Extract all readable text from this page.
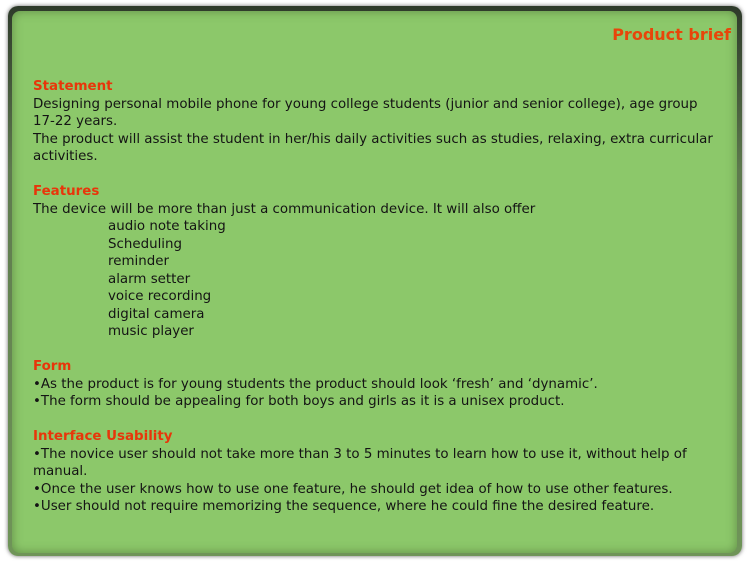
Product brief

Statement

Designing personal mobile phone for young college students (junior and senior college), age group 17-22 years.

The product will assist the student in her/his daily activities such as studies, relaxing, extra curricular activities.

Features

The device will be more than just a communication device. It will also offer

audio note taking

Scheduling

reminder

alarm setter

voice recording

digital camera

music player

Form

•As the product is for young students the product should look ‘fresh’ and ‘dynamic’.

•The form should be appealing for both boys and girls as it is a unisex product.

Interface Usability

•The novice user should not take more than 3 to 5 minutes to learn how to use it, without help of manual.

•Once the user knows how to use one feature, he should get idea of how to use other features.

•User should not require memorizing the sequence, where he could fine the desired feature.
